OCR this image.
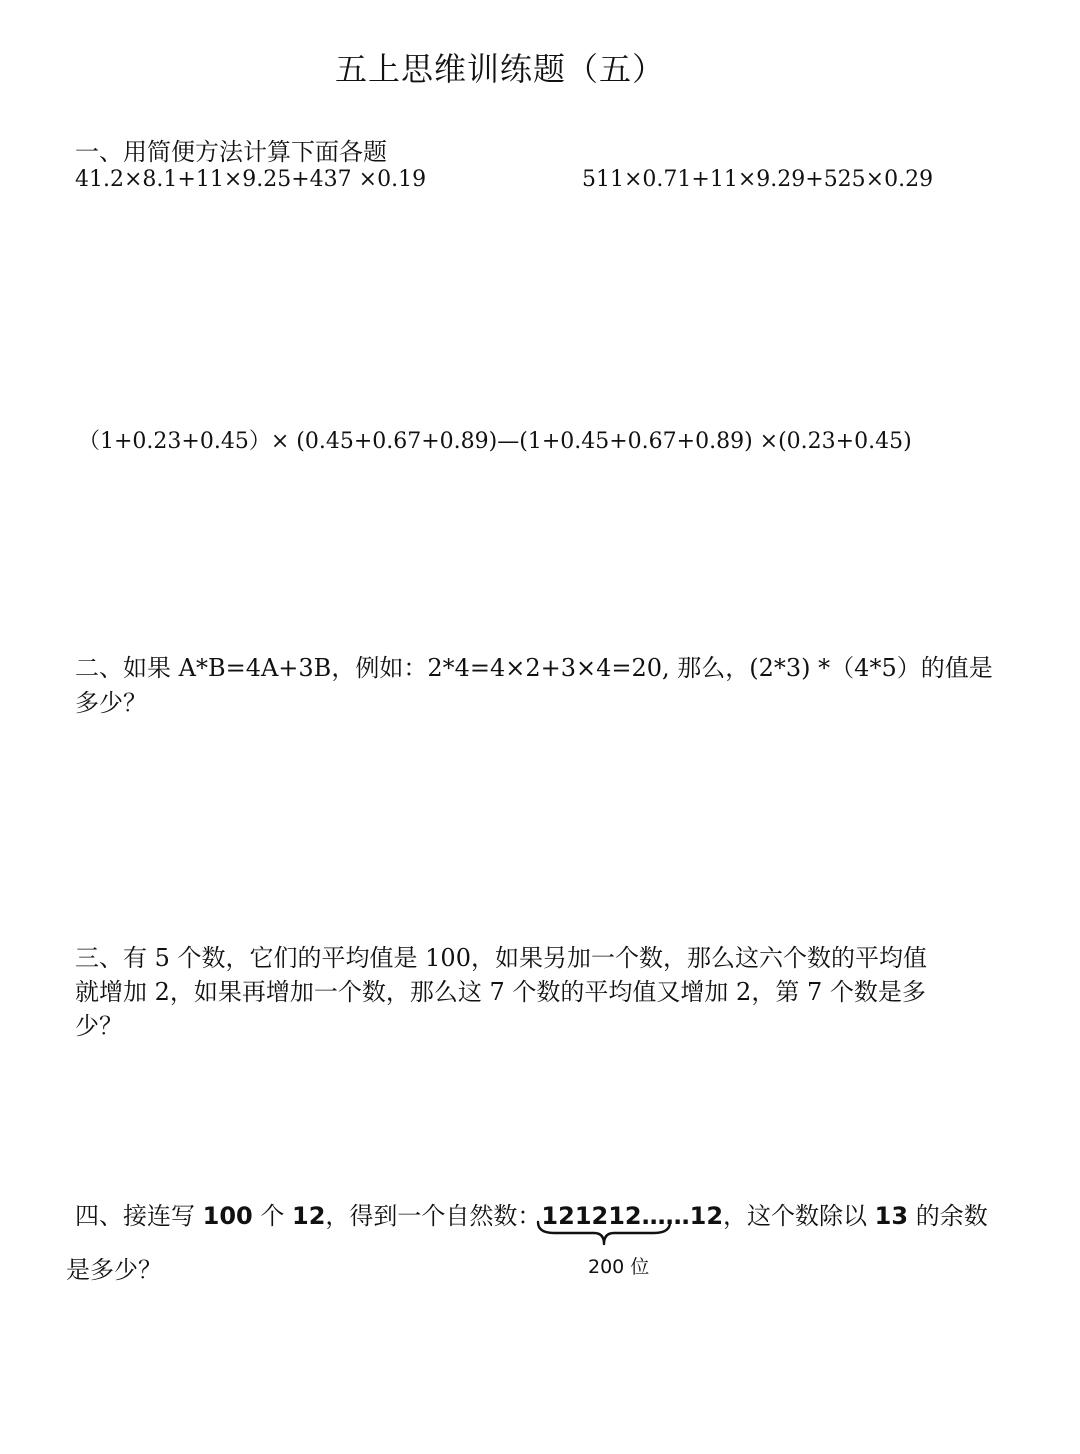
五上思维训练题（五）
一、用简便方法计算下面各题
41.2×8.1+11×9.25+437 ×0.19	511×0.71+11×9.29+525×0.29
（1+0.23+0.45）× (0.45+0.67+0.89)—(1+0.45+0.67+0.89) ×(0.23+0.45)
二、如果 A*B=4A+3B，例如：2*4=4×2+3×4=20, 那么，(2*3) *（4*5）的值是
多少？
三、有 5 个数，它们的平均值是 100，如果另加一个数，那么这六个数的平均值
就增加 2，如果再增加一个数，那么这 7 个数的平均值又增加 2，第 7 个数是多
少？
四、接连写 100 个 12，得到一个自然数：121212……12，这个数除以 13 的余数
200 位
是多少？
